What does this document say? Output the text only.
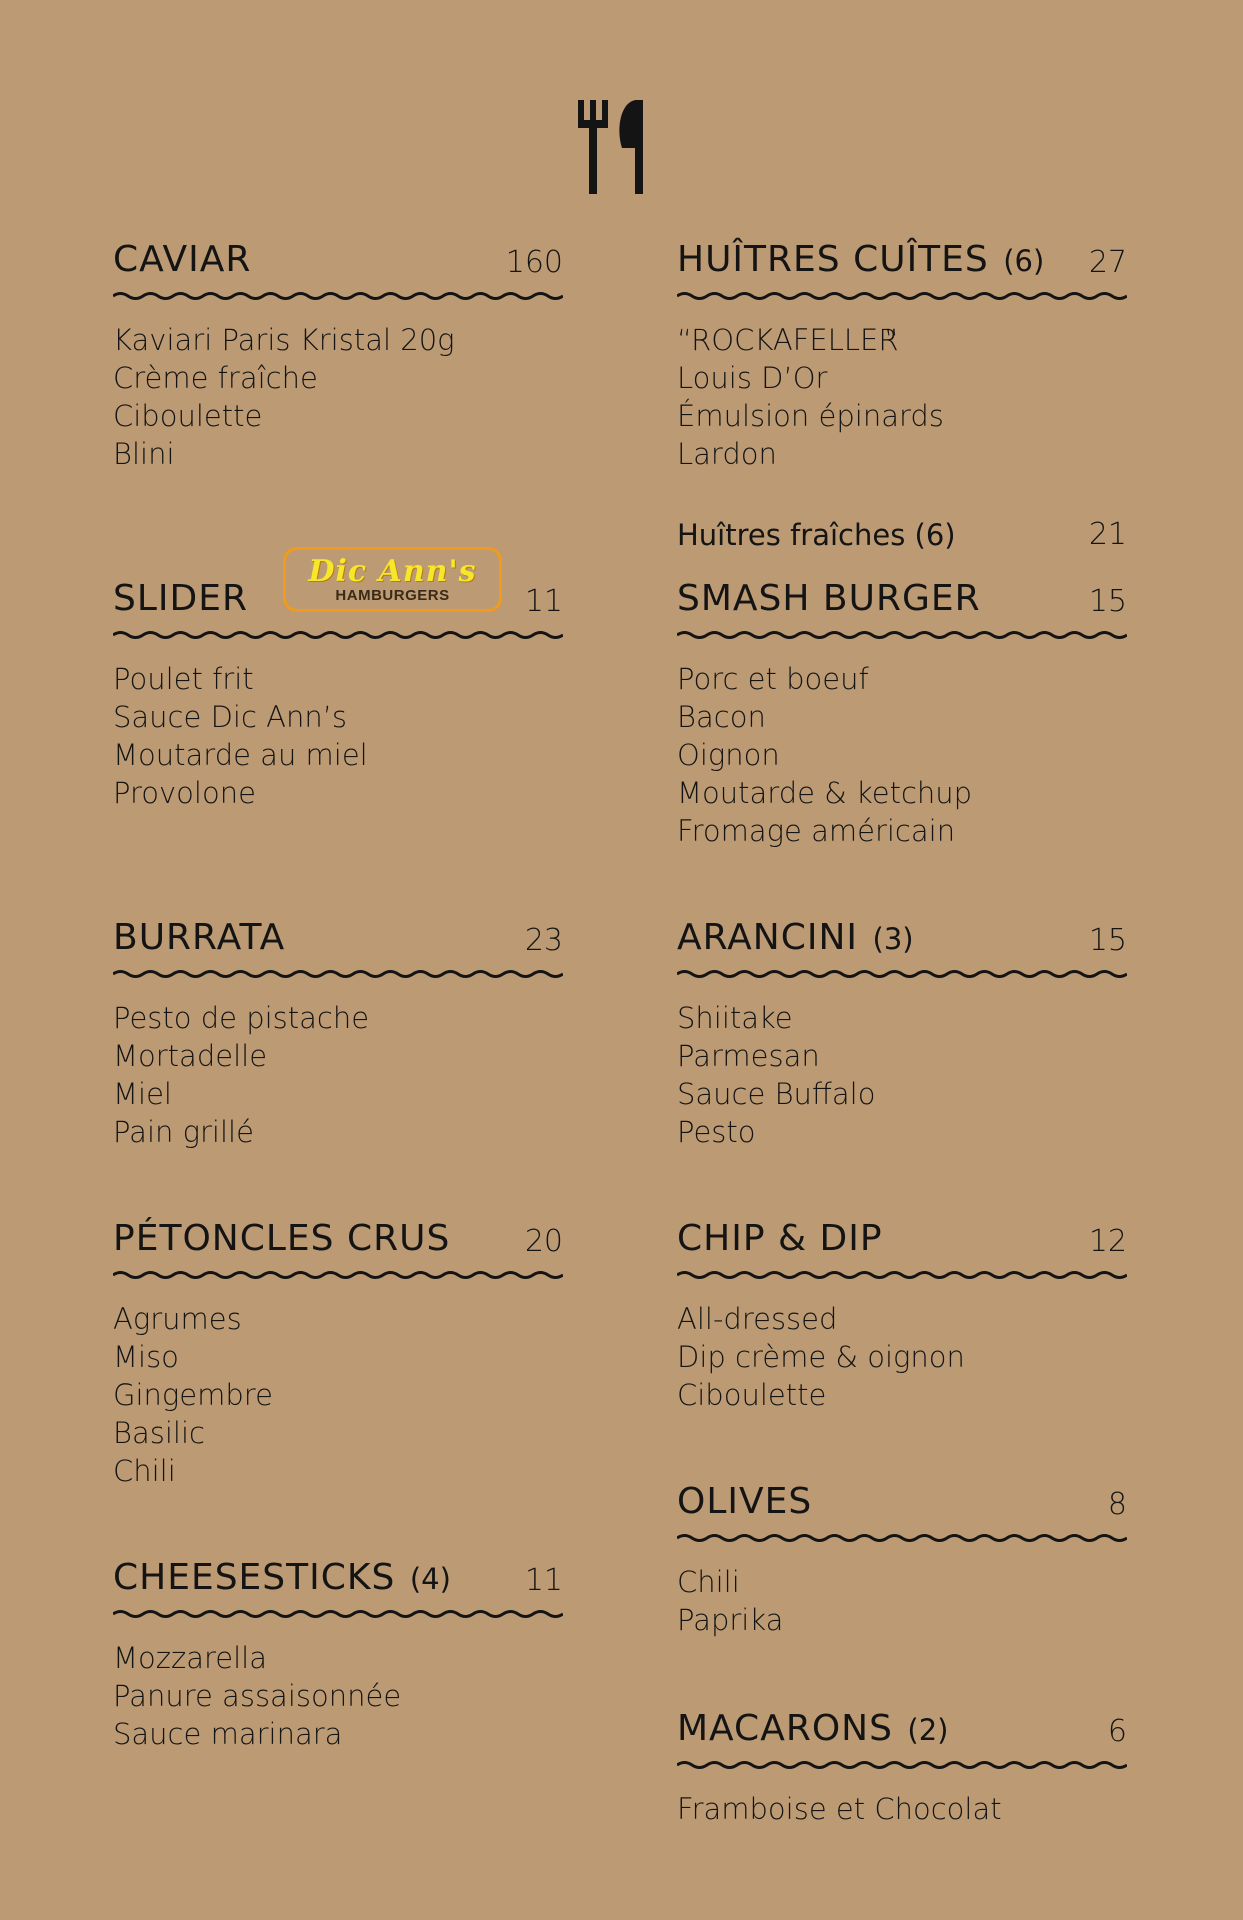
CAVIAR	160
Kaviari Paris Kristal 20g
Crème fraîche
Ciboulette
Blini
SLIDER	11
Poulet frit
Sauce Dic Ann’s
Moutarde au miel
Provolone
Dic Ann's
HAMBURGERS
BURRATA	23
Pesto de pistache
Mortadelle
Miel
Pain grillé
PÉTONCLES CRUS 20
Agrumes
Miso
Gingembre
Basilic
Chili
CHEESESTICKS (4) 11
Mozzarella
Panure assaisonnée
Sauce marinara
HUÎTRES CUÎTES (6) 27
“ROCKAFELLER‟
Louis D’Or
Émulsion épinards
Lardon
Huîtres fraîches (6)	21
SMASH BURGER	15
Porc et boeuf
Bacon
Oignon
Moutarde & ketchup
Fromage américain
ARANCINI (3)	15
Shiitake
Parmesan
Sauce Buffalo
Pesto
CHIP & DIP	12
All-dressed
Dip crème & oignon
Ciboulette
OLIVES	8
Chili
Paprika
MACARONS (2)	6
Framboise et Chocolat
